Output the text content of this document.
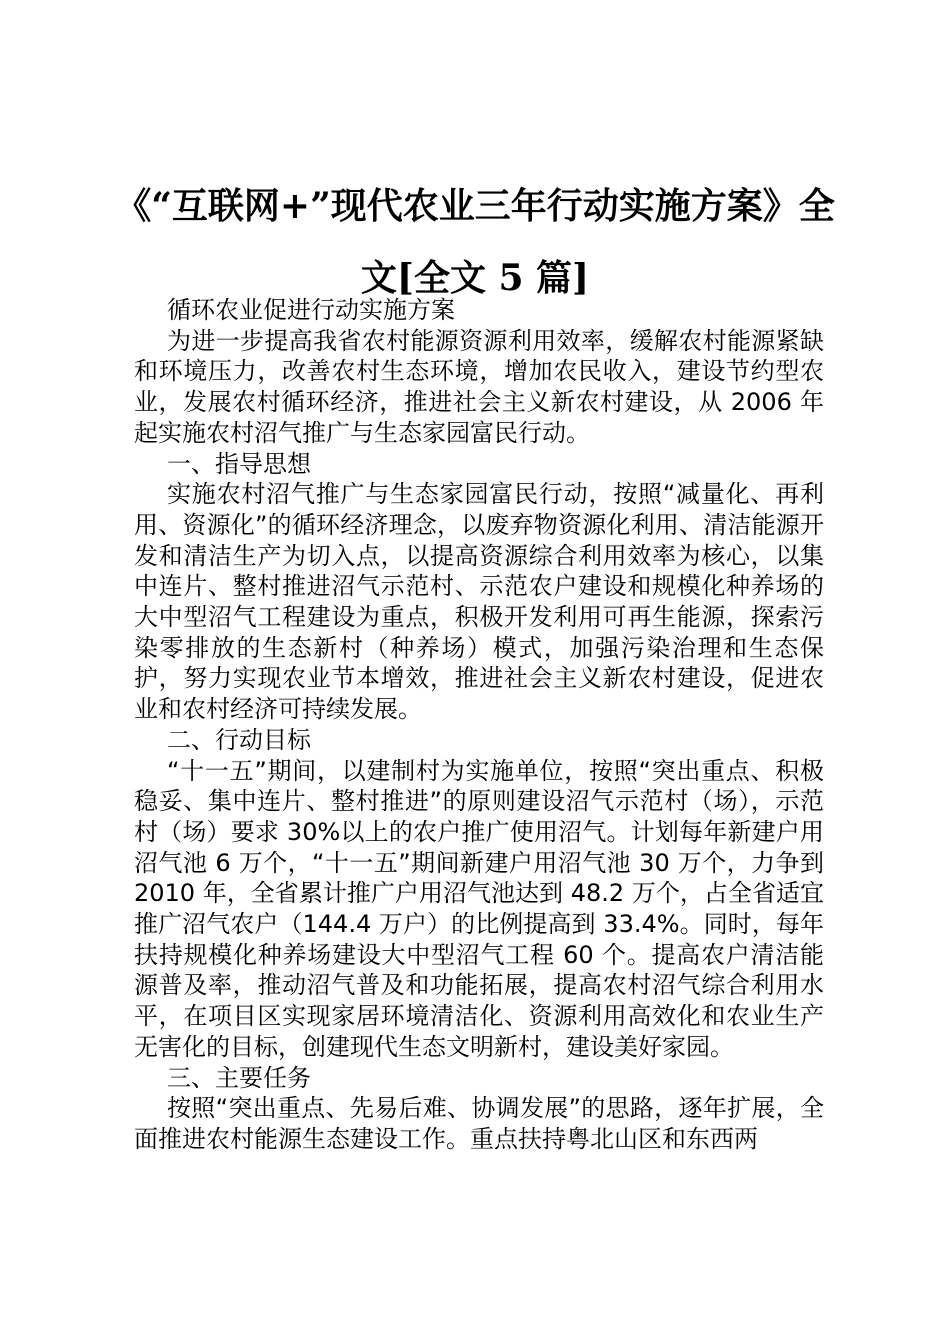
《“互联网+”现代农业三年行动实施方案》全文[全文 5 篇]

循环农业促进行动实施方案

为进一步提高我省农村能源资源利用效率，缓解农村能源紧缺和环境压力，改善农村生态环境，增加农民收入，建设节约型农业，发展农村循环经济，推进社会主义新农村建设，从 2006 年起实施农村沼气推广与生态家园富民行动。

一、指导思想

实施农村沼气推广与生态家园富民行动，按照“减量化、再利用、资源化”的循环经济理念，以废弃物资源化利用、清洁能源开发和清洁生产为切入点，以提高资源综合利用效率为核心，以集中连片、整村推进沼气示范村、示范农户建设和规模化种养场的大中型沼气工程建设为重点，积极开发利用可再生能源，探索污染零排放的生态新村（种养场）模式，加强污染治理和生态保护，努力实现农业节本增效，推进社会主义新农村建设，促进农业和农村经济可持续发展。

二、行动目标

“十一五”期间，以建制村为实施单位，按照“突出重点、积极稳妥、集中连片、整村推进”的原则建设沼气示范村（场），示范村（场）要求 30%以上的农户推广使用沼气。计划每年新建户用沼气池 6 万个，“十一五”期间新建户用沼气池 30 万个，力争到 2010 年，全省累计推广户用沼气池达到 48.2 万个，占全省适宜推广沼气农户（144.4 万户）的比例提高到 33.4%。同时，每年扶持规模化种养场建设大中型沼气工程 60 个。提高农户清洁能源普及率，推动沼气普及和功能拓展，提高农村沼气综合利用水平，在项目区实现家居环境清洁化、资源利用高效化和农业生产无害化的目标，创建现代生态文明新村，建设美好家园。

三、主要任务

按照“突出重点、先易后难、协调发展”的思路，逐年扩展，全面推进农村能源生态建设工作。重点扶持粤北山区和东西两
